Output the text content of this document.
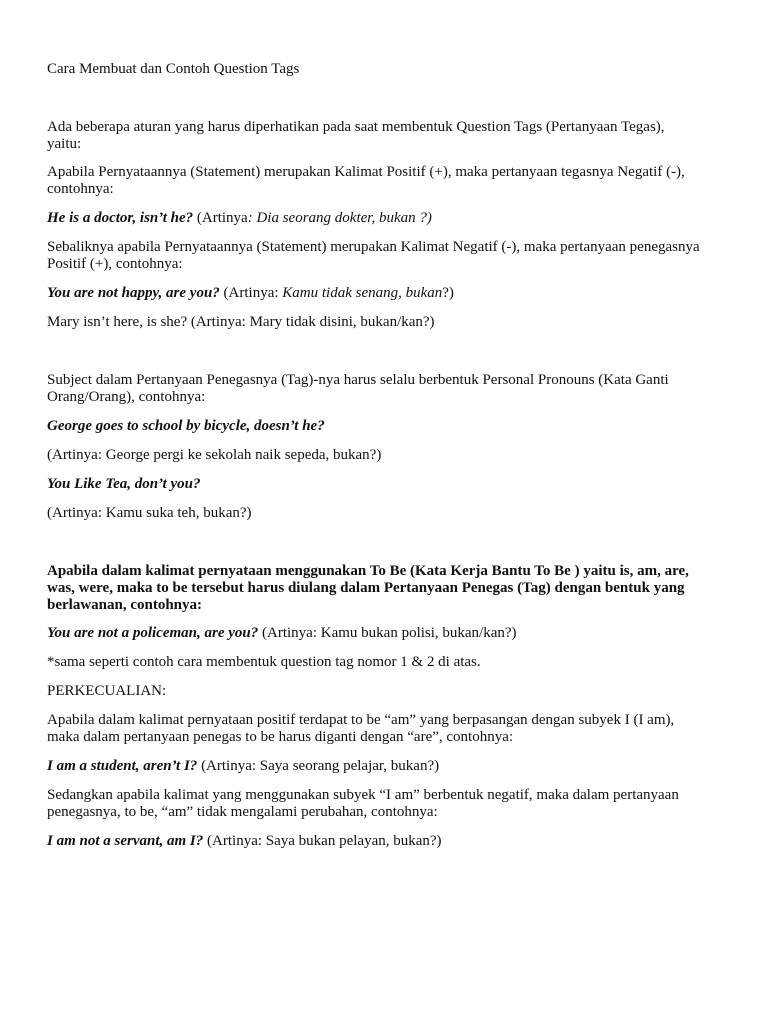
Cara Membuat dan Contoh Question Tags

Ada beberapa aturan yang harus diperhatikan pada saat membentuk Question Tags (Pertanyaan Tegas),
yaitu:
Apabila Pernyataannya (Statement) merupakan Kalimat Positif (+), maka pertanyaan tegasnya Negatif (-),
contohnya:
He is a doctor, isn’t he? (Artinya: Dia seorang dokter, bukan ?)
Sebaliknya apabila Pernyataannya (Statement) merupakan Kalimat Negatif (-), maka pertanyaan penegasnya
Positif (+), contohnya:
You are not happy, are you? (Artinya: Kamu tidak senang, bukan?)
Mary isn’t here, is she? (Artinya: Mary tidak disini, bukan/kan?)
Subject dalam Pertanyaan Penegasnya (Tag)-nya harus selalu berbentuk Personal Pronouns (Kata Ganti
Orang/Orang), contohnya:
George goes to school by bicycle, doesn’t he?
(Artinya: George pergi ke sekolah naik sepeda, bukan?)
You Like Tea, don’t you?
(Artinya: Kamu suka teh, bukan?)
Apabila dalam kalimat pernyataan menggunakan To Be (Kata Kerja Bantu To Be ) yaitu is, am, are,
was, were, maka to be tersebut harus diulang dalam Pertanyaan Penegas (Tag) dengan bentuk yang
berlawanan, contohnya:
You are not a policeman, are you? (Artinya: Kamu bukan polisi, bukan/kan?)
*sama seperti contoh cara membentuk question tag nomor 1 & 2 di atas.
PERKECUALIAN:
Apabila dalam kalimat pernyataan positif terdapat to be “am” yang berpasangan dengan subyek I (I am),
maka dalam pertanyaan penegas to be harus diganti dengan “are”, contohnya:
I am a student, aren’t I? (Artinya: Saya seorang pelajar, bukan?)
Sedangkan apabila kalimat yang menggunakan subyek “I am” berbentuk negatif, maka dalam pertanyaan
penegasnya, to be, “am” tidak mengalami perubahan, contohnya:
I am not a servant, am I? (Artinya: Saya bukan pelayan, bukan?)
